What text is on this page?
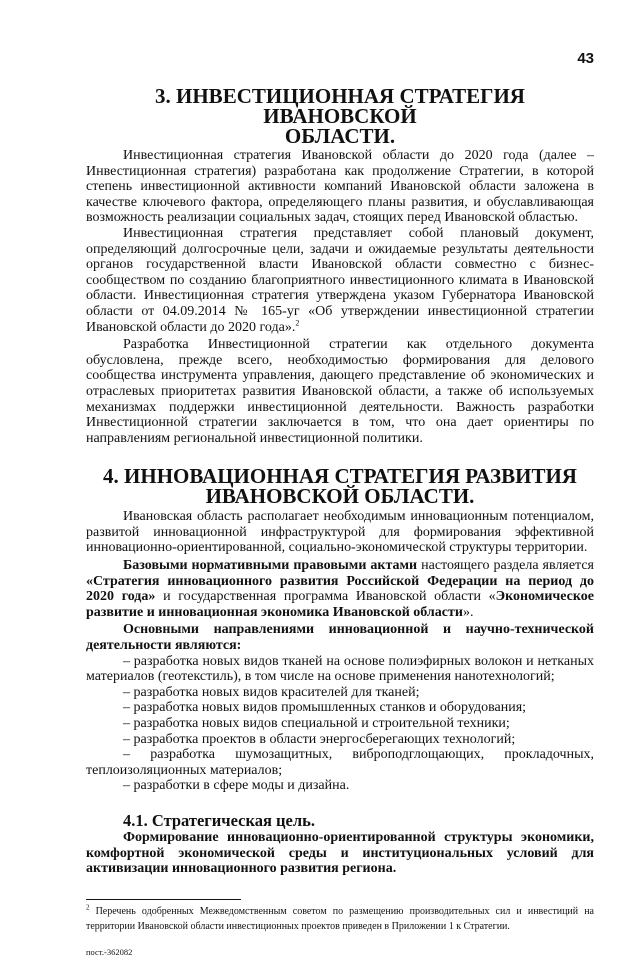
43
3. ИНВЕСТИЦИОННАЯ СТРАТЕГИЯ ИВАНОВСКОЙ
ОБЛАСТИ.

Инвестиционная стратегия Ивановской области до 2020 года (далее – Инвестиционная стратегия) разработана как продолжение Стратегии, в которой степень инвестиционной активности компаний Ивановской области заложена в качестве ключевого фактора, определяющего планы развития, и обуславливающая возможность реализации социальных задач, стоящих перед Ивановской областью.

Инвестиционная стратегия представляет собой плановый документ, определяющий долгосрочные цели, задачи и ожидаемые результаты деятельности органов государственной власти Ивановской области совместно с бизнес-сообществом по созданию благоприятного инвестиционного климата в Ивановской области. Инвестиционная стратегия утверждена указом Губернатора Ивановской области от 04.09.2014 № 165-уг «Об утверждении инвестиционной стратегии Ивановской области до 2020 года».$^2$

Разработка Инвестиционной стратегии как отдельного документа обусловлена, прежде всего, необходимостью формирования для делового сообщества инструмента управления, дающего представление об экономических и отраслевых приоритетах развития Ивановской области, а также об используемых механизмах поддержки инвестиционной деятельности. Важность разработки Инвестиционной стратегии заключается в том, что она дает ориентиры по направлениям региональной инвестиционной политики.

4. ИННОВАЦИОННАЯ СТРАТЕГИЯ РАЗВИТИЯ
ИВАНОВСКОЙ ОБЛАСТИ.

Ивановская область располагает необходимым инновационным потенциалом, развитой инновационной инфраструктурой для формирования эффективной инновационно-ориентированной, социально-экономической структуры территории.

Базовыми нормативными правовыми актами настоящего раздела является «Стратегия инновационного развития Российской Федерации на период до 2020 года» и государственная программа Ивановской области «Экономическое развитие и инновационная экономика Ивановской области».

Основными направлениями инновационной и научно-технической деятельности являются:

– разработка новых видов тканей на основе полиэфирных волокон и нетканых материалов (геотекстиль), в том числе на основе применения нанотехнологий;

– разработка новых видов красителей для тканей;

– разработка новых видов промышленных станков и оборудования;

– разработка новых видов специальной и строительной техники;

– разработка проектов в области энергосберегающих технологий;

– разработка шумозащитных, виброподглощающих, прокладочных, теплоизоляционных материалов;

– разработки в сфере моды и дизайна.

4.1. Стратегическая цель.

Формирование инновационно-ориентированной структуры экономики, комфортной экономической среды и институциональных условий для активизации инновационного развития региона.

$^2$ Перечень одобренных Межведомственным советом по размещению производительных сил и инвестиций на территории Ивановской области инвестиционных проектов приведен в Приложении 1 к Стратегии.

пост.-362082
